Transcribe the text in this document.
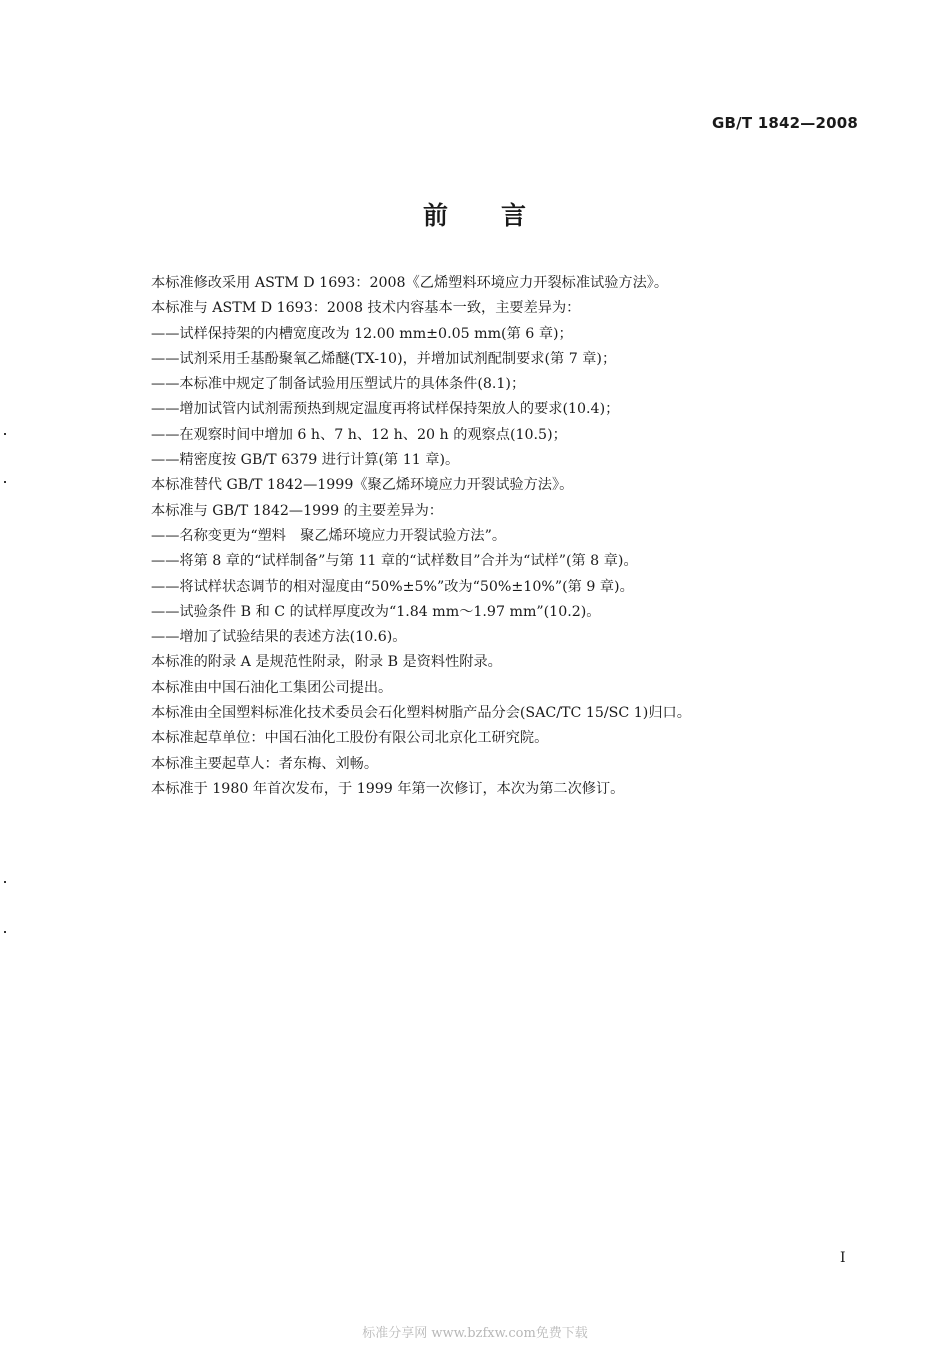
GB/T 1842—2008
前 言
本标准修改采用 ASTM D 1693：2008《乙烯塑料环境应力开裂标准试验方法》。
本标准与 ASTM D 1693：2008 技术内容基本一致，主要差异为：
——试样保持架的内槽宽度改为 12.00 mm±0.05 mm(第 6 章)；
——试剂采用壬基酚聚氧乙烯醚(TX-10)，并增加试剂配制要求(第 7 章)；
——本标准中规定了制备试验用压塑试片的具体条件(8.1)；
——增加试管内试剂需预热到规定温度再将试样保持架放人的要求(10.4)；
——在观察时间中增加 6 h、7 h、12 h、20 h 的观察点(10.5)；
——精密度按 GB/T 6379 进行计算(第 11 章)。
本标准替代 GB/T 1842—1999《聚乙烯环境应力开裂试验方法》。
本标准与 GB/T 1842—1999 的主要差异为：
——名称变更为“塑料　聚乙烯环境应力开裂试验方法”。
——将第 8 章的“试样制备”与第 11 章的“试样数目”合并为“试样”(第 8 章)。
——将试样状态调节的相对湿度由“50%±5%”改为“50%±10%”(第 9 章)。
——试验条件 B 和 C 的试样厚度改为“1.84 mm～1.97 mm”(10.2)。
——增加了试验结果的表述方法(10.6)。
本标准的附录 A 是规范性附录，附录 B 是资料性附录。
本标准由中国石油化工集团公司提出。
本标准由全国塑料标准化技术委员会石化塑料树脂产品分会(SAC/TC 15/SC 1)归口。
本标准起草单位：中国石油化工股份有限公司北京化工研究院。
本标准主要起草人：者东梅、刘畅。
本标准于 1980 年首次发布，于 1999 年第一次修订，本次为第二次修订。
I
标准分享网 www.bzfxw.com免费下载
